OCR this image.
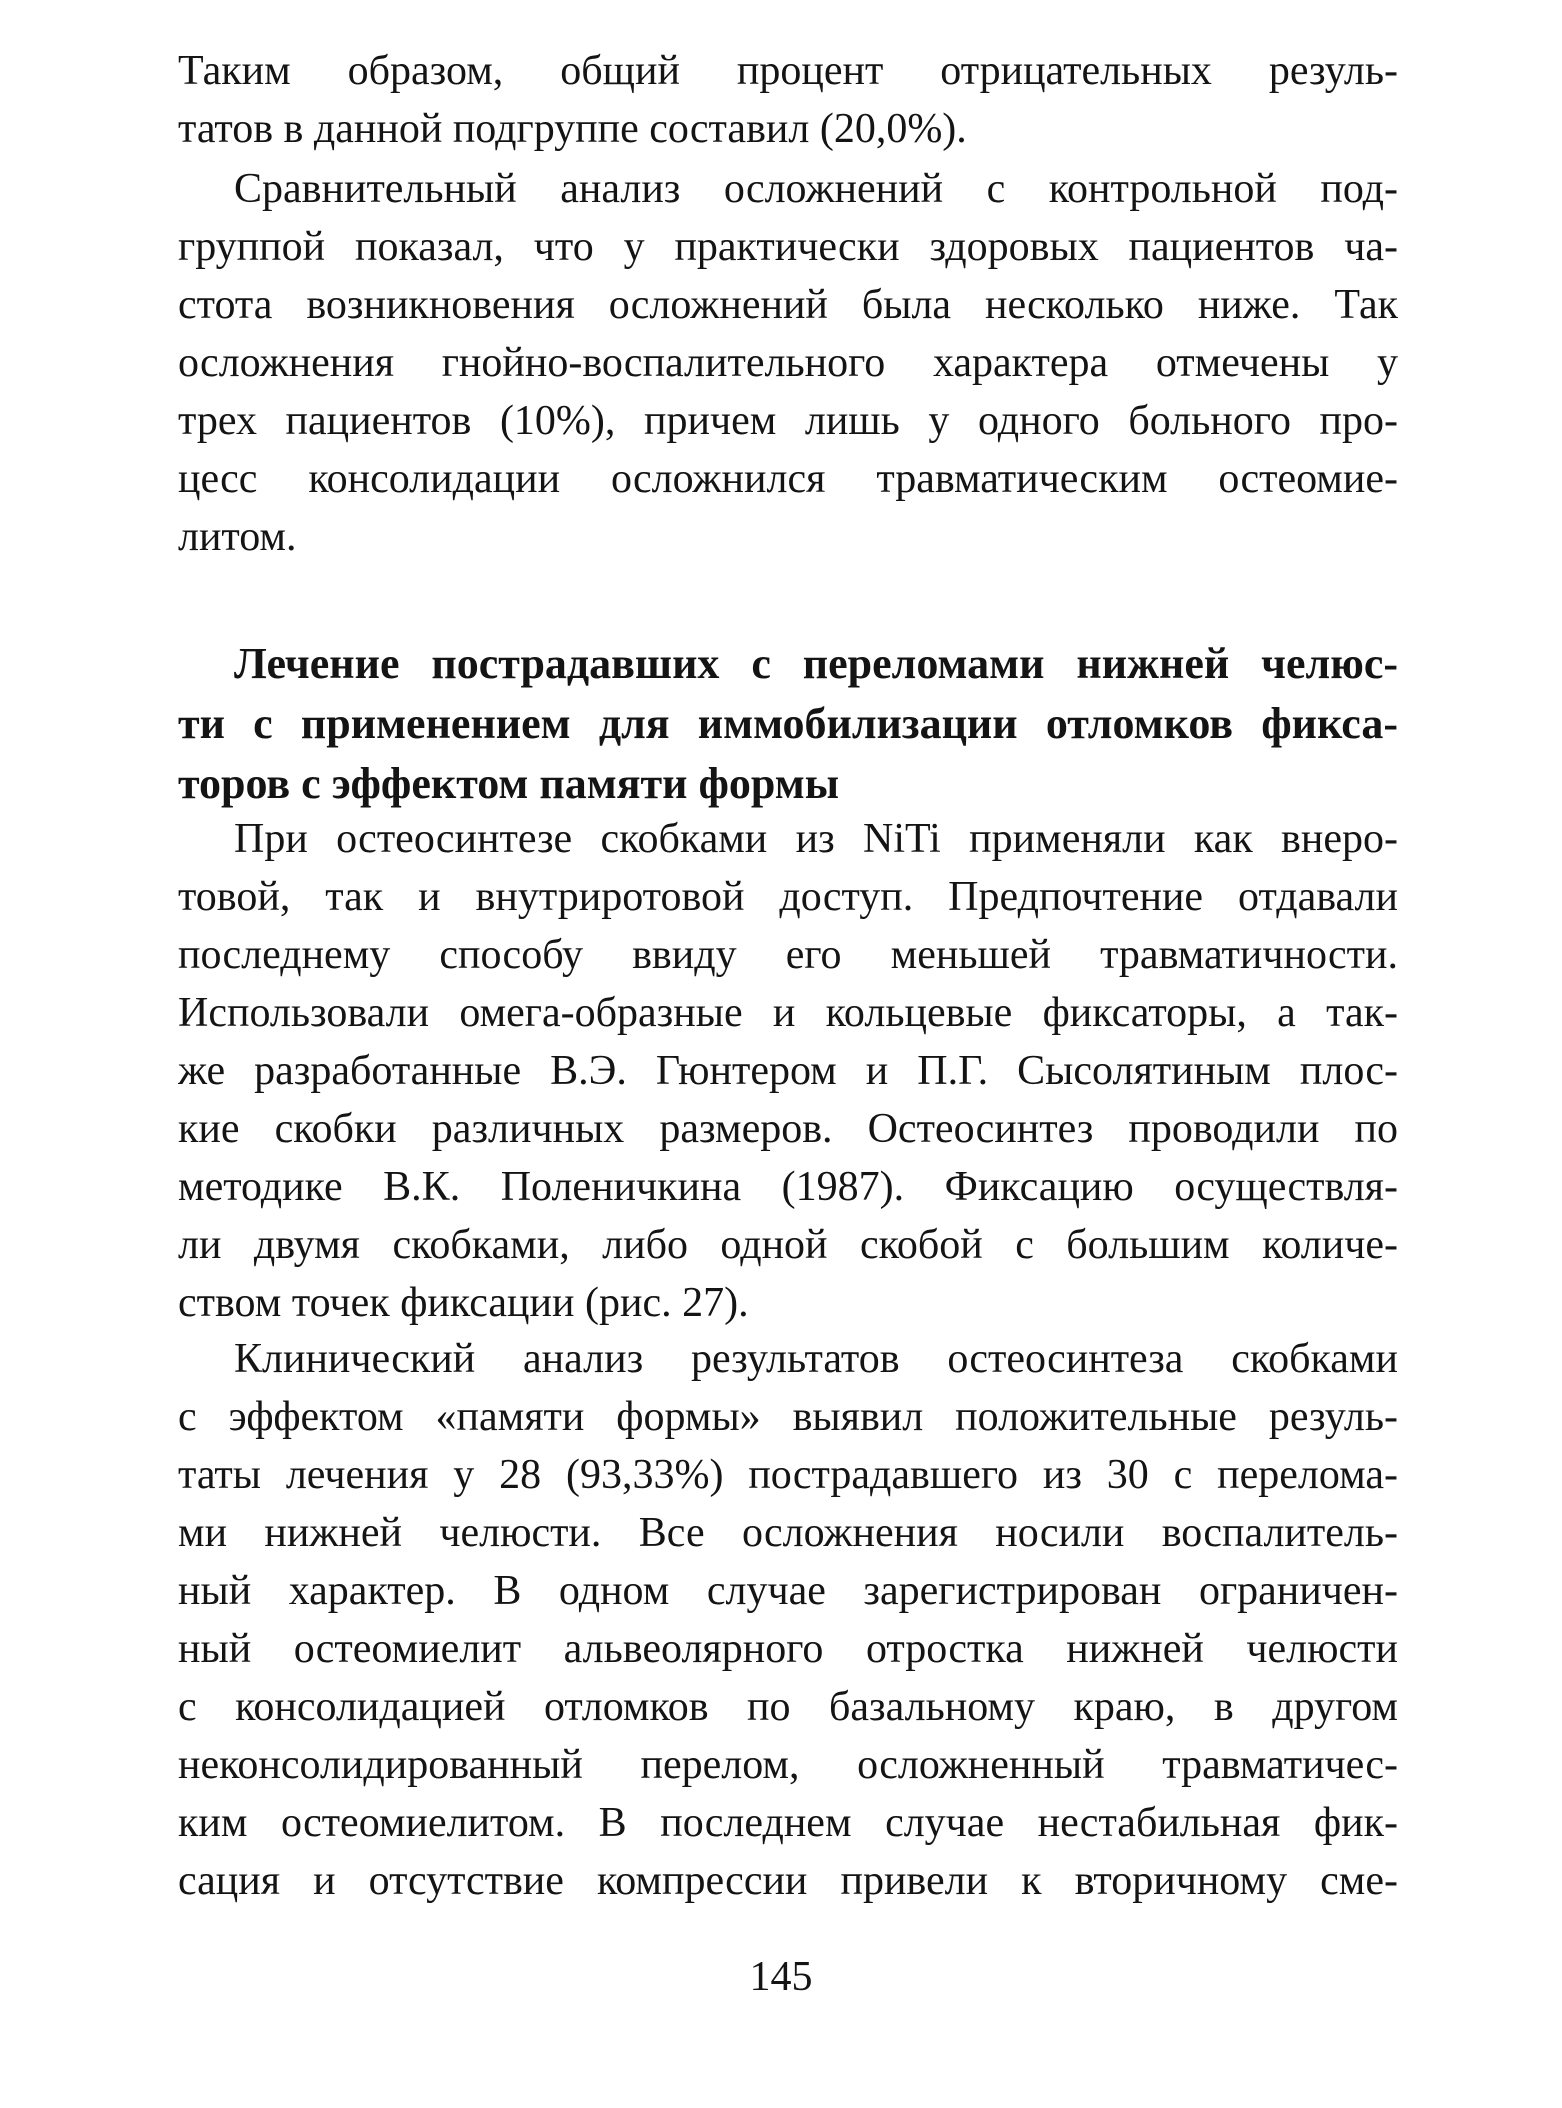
Таким образом, общий процент отрицательных резуль-
татов в данной подгруппе составил (20,0%).
Сравнительный анализ осложнений с контрольной под-
группой показал, что у практически здоровых пациентов ча-
стота возникновения осложнений была несколько ниже. Так
осложнения гнойно-воспалительного характера отмечены у
трех пациентов (10%), причем лишь у одного больного про-
цесс консолидации осложнился травматическим остеомие-
литом.
Лечение пострадавших с переломами нижней челюс-
ти с применением для иммобилизации отломков фикса-
торов с эффектом памяти формы
При остеосинтезе скобками из NiTi применяли как внеро-
товой, так и внутриротовой доступ. Предпочтение отдавали
последнему способу ввиду его меньшей травматичности.
Использовали омега-образные и кольцевые фиксаторы, а так-
же разработанные В.Э. Гюнтером и П.Г. Сысолятиным плос-
кие скобки различных размеров. Остеосинтез проводили по
методике В.К. Поленичкина (1987). Фиксацию осуществля-
ли двумя скобками, либо одной скобой с большим количе-
ством точек фиксации (рис. 27).
Клинический анализ результатов остеосинтеза скобками
с эффектом «памяти формы» выявил положительные резуль-
таты лечения у 28 (93,33%) пострадавшего из 30 с перелома-
ми нижней челюсти. Все осложнения носили воспалитель-
ный характер. В одном случае зарегистрирован ограничен-
ный остеомиелит альвеолярного отростка нижней челюсти
с консолидацией отломков по базальному краю, в другом
неконсолидированный перелом, осложненный травматичес-
ким остеомиелитом. В последнем случае нестабильная фик-
сация и отсутствие компрессии привели к вторичному сме-
145
